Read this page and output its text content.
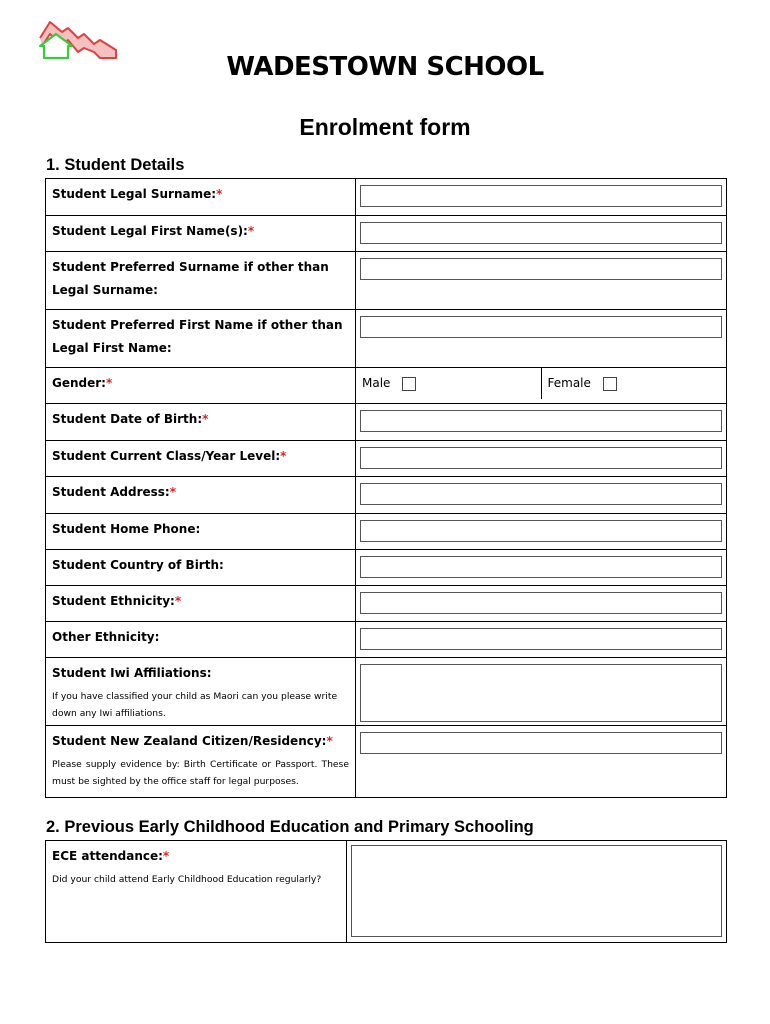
WADESTOWN SCHOOL
Enrolment form
1. Student Details
Student Legal Surname:*	

Student Legal First Name(s):*	

Student Preferred Surname if other than Legal Surname:	

Student Preferred First Name if other than Legal First Name:	

Gender:*	Male Female

Student Date of Birth:*	

Student Current Class/Year Level:*	

Student Address:*	

Student Home Phone:	

Student Country of Birth:	

Student Ethnicity:*	

Other Ethnicity:	

Student Iwi Affiliations:
If you have classified your child as Maori can you please write down any Iwi affiliations.	

Student New Zealand Citizen/Residency:*
Please supply evidence by: Birth Certificate or Passport. These must be sighted by the office staff for legal purposes.	

2. Previous Early Childhood Education and Primary Schooling
ECE attendance:*
Did your child attend Early Childhood Education regularly?
